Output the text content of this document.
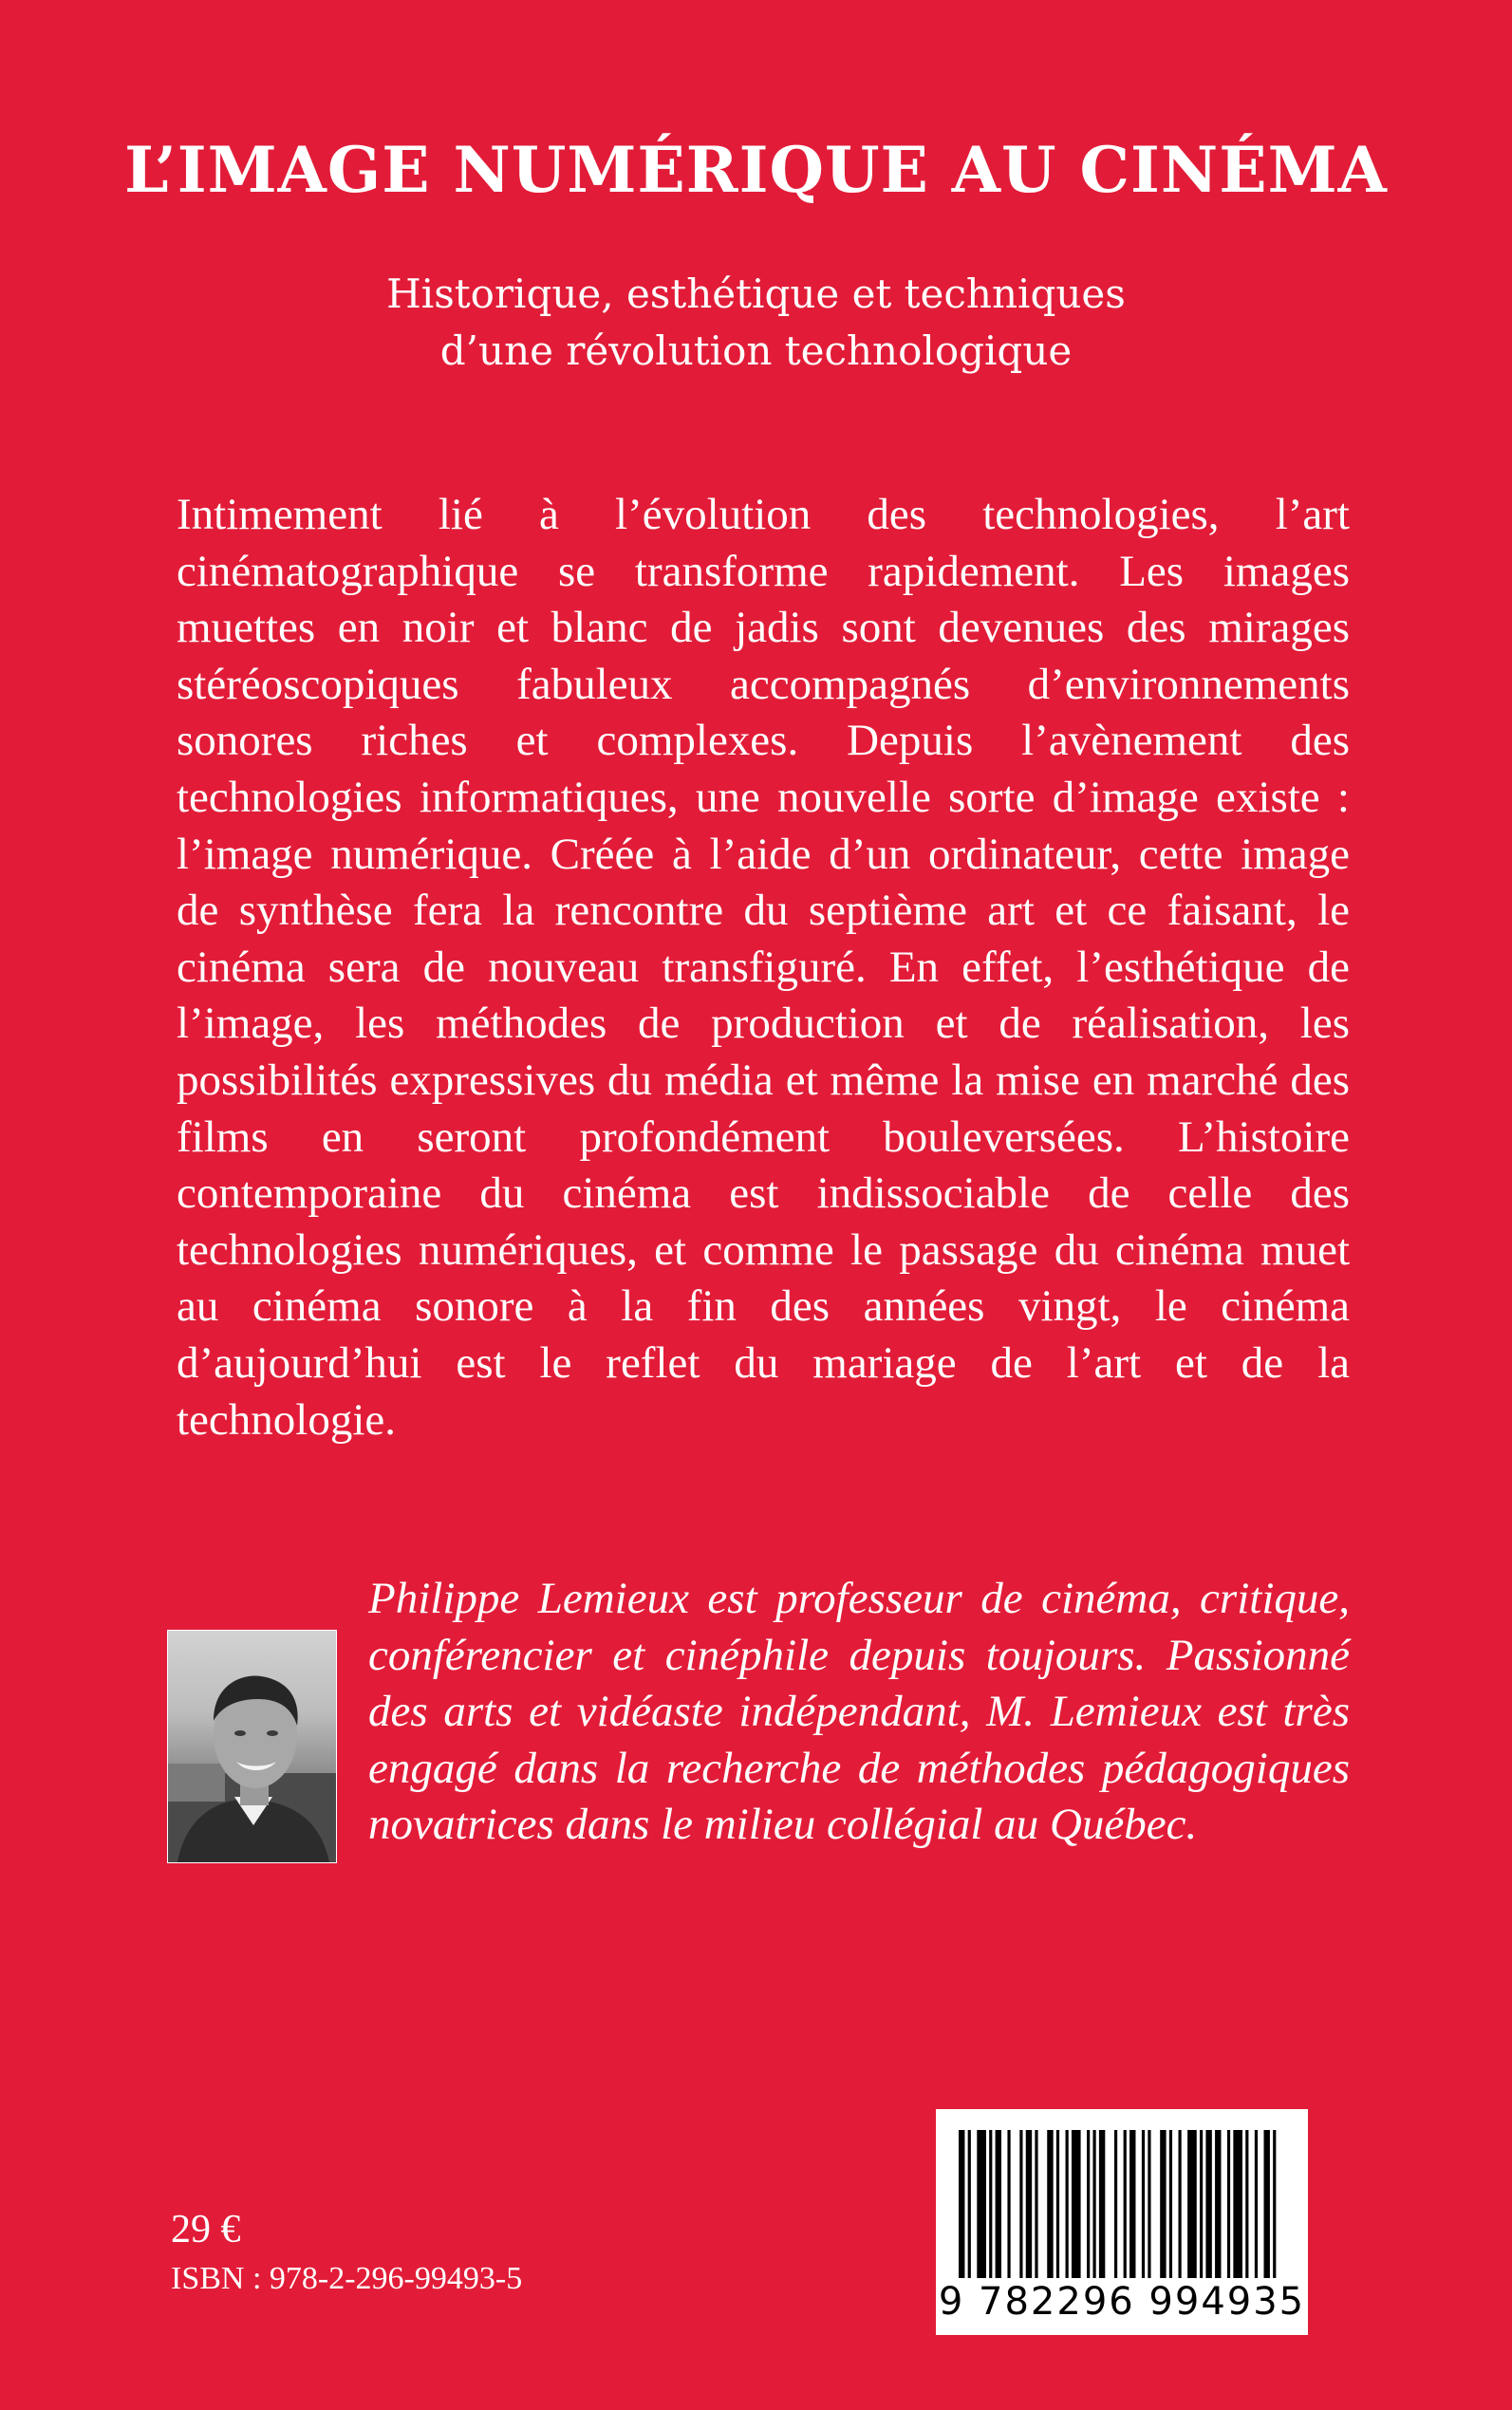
L’IMAGE NUMÉRIQUE AU CINÉMA
Historique, esthétique et techniques
d’une révolution technologique

Intimement lié à l’évolution des technologies, l’art cinématographique se transforme rapidement. Les images muettes en noir et blanc de jadis sont devenues des mirages stéréoscopiques fabuleux accompagnés d’environnements sonores riches et complexes. Depuis l’avènement des technologies informatiques, une nouvelle sorte d’image existe : l’image numérique. Créée à l’aide d’un ordinateur, cette image de synthèse fera la rencontre du septième art et ce faisant, le cinéma sera de nouveau transfiguré. En effet, l’esthétique de l’image, les méthodes de production et de réalisation, les possibilités expressives du média et même la mise en marché des films en seront profondément bouleversées. L’histoire contemporaine du cinéma est indissociable de celle des technologies numériques, et comme le passage du cinéma muet au cinéma sonore à la fin des années vingt, le cinéma d’aujourd’hui est le reflet du mariage de l’art et de la technologie.

Philippe Lemieux est professeur de cinéma, critique, conférencier et cinéphile depuis toujours. Passionné des arts et vidéaste indépendant, M. Lemieux est très engagé dans la recherche de méthodes pédagogiques novatrices dans le milieu collégial au Québec.

29 €

ISBN : 978-2-296-99493-5

9 782296 994935
